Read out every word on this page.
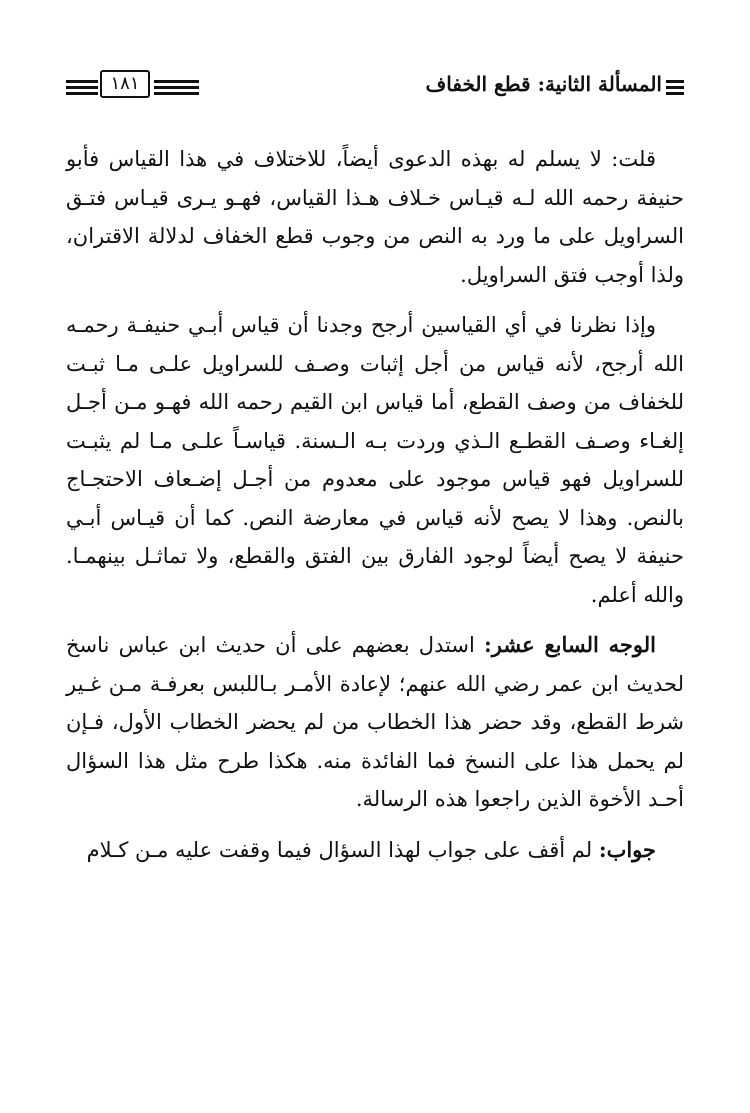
١٨١	المسألة الثانية: قطع الخفاف

قلت: لا يسلم له بهذه الدعوى أيضاً، للاختلاف في هذا القياس فأبو حنيفة رحمه الله لـه قيـاس خـلاف هـذا القياس، فهـو يـرى قيـاس فتـق السراويل على ما ورد به النص من وجوب قطع الخفاف لدلالة الاقتران، ولذا أوجب فتق السراويل.

وإذا نظرنا في أي القياسين أرجح وجدنا أن قياس أبـي حنيفـة رحمـه الله أرجح، لأنه قياس من أجل إثبات وصـف للسراويل علـى مـا ثبـت للخفاف من وصف القطع، أما قياس ابن القيم رحمه الله فهـو مـن أجـل إلغـاء وصـف القطـع الـذي وردت بـه الـسنة. قياسـاً علـى مـا لم يثبـت للسراويل فهو قياس موجود على معدوم من أجـل إضـعاف الاحتجـاج بالنص. وهذا لا يصح لأنه قياس في معارضة النص. كما أن قيـاس أبـي حنيفة لا يصح أيضاً لوجود الفارق بين الفتق والقطع، ولا تماثـل بينهمـا. والله أعلم.

الوجه السابع عشر: استدل بعضهم على أن حديث ابن عباس ناسخ لحديث ابن عمر رضي الله عنهم؛ لإعادة الأمـر بـاللبس بعرفـة مـن غـير شرط القطع، وقد حضر هذا الخطاب من لم يحضر الخطاب الأول، فـإن لم يحمل هذا على النسخ فما الفائدة منه. هكذا طرح مثل هذا السؤال أحـد الأخوة الذين راجعوا هذه الرسالة.

جواب: لم أقف على جواب لهذا السؤال فيما وقفت عليه مـن كـلام
